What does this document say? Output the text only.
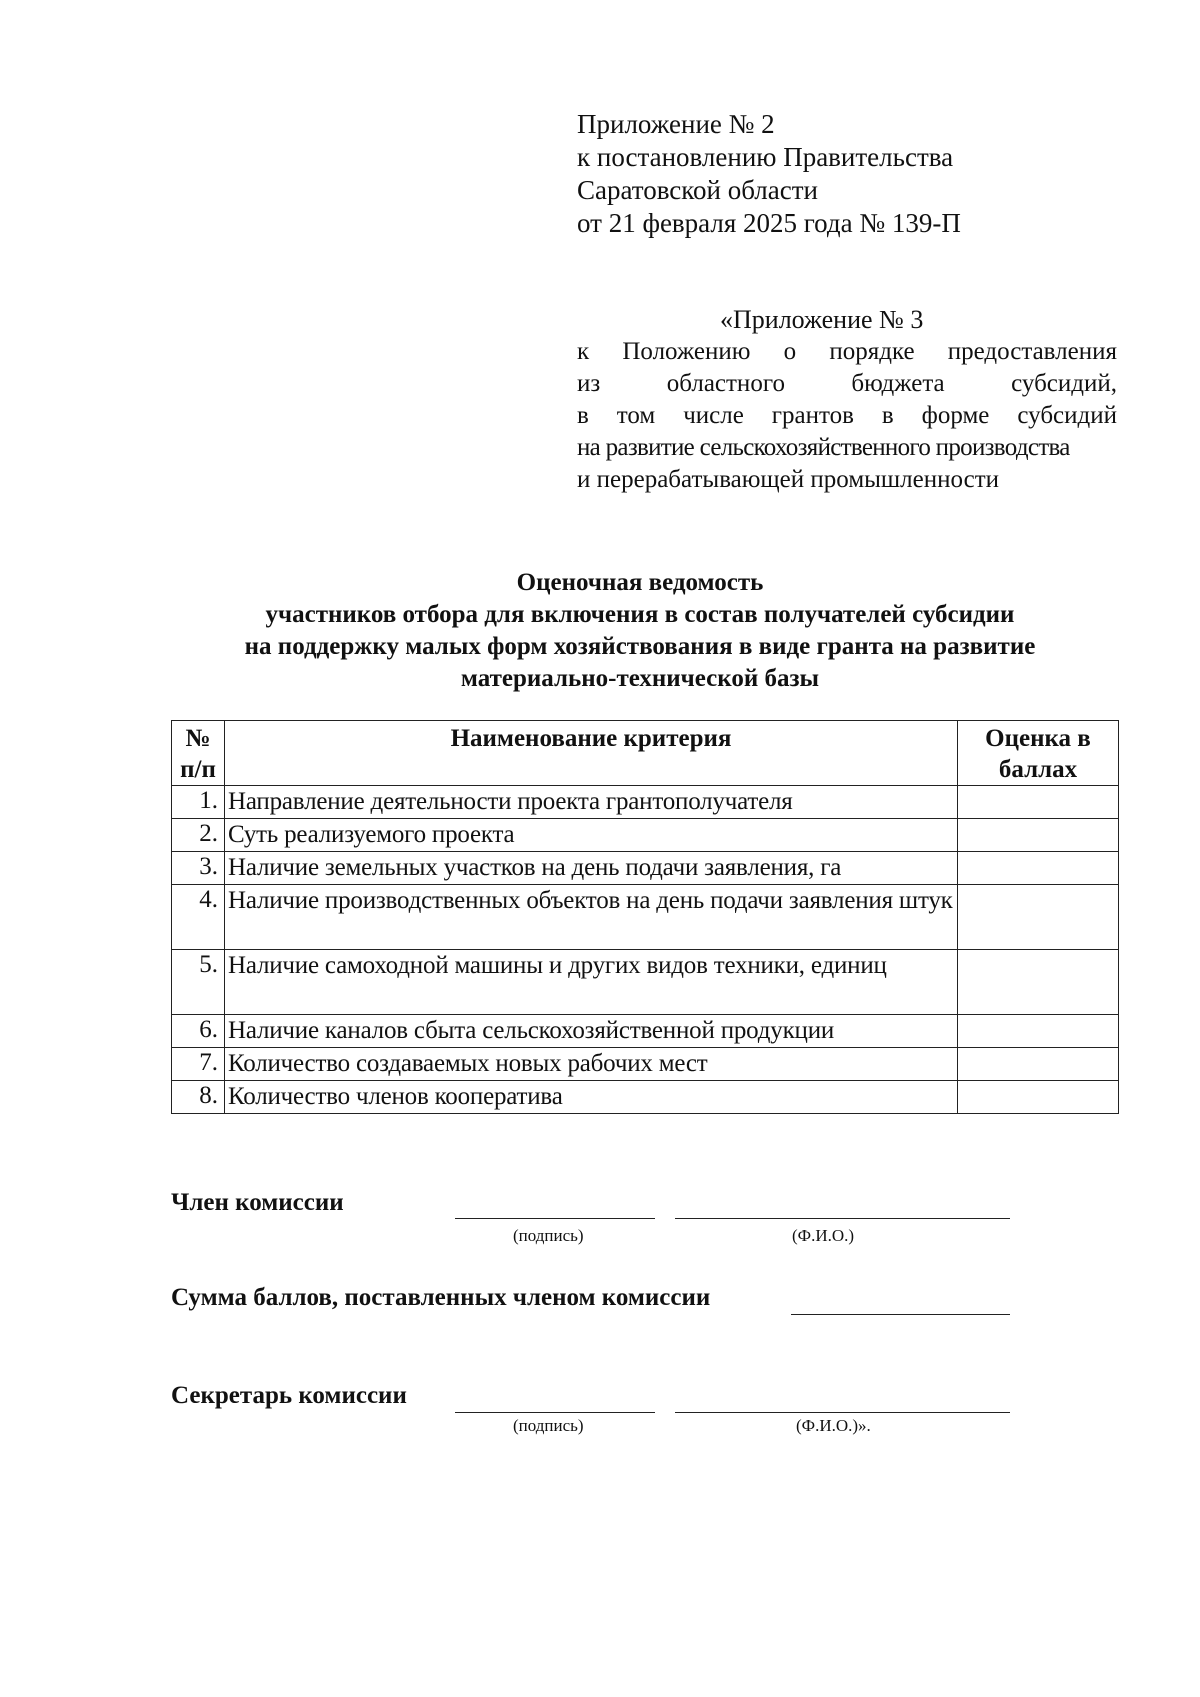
Приложение № 2
к постановлению Правительства
Саратовской области
от 21 февраля 2025 года № 139-П
«Приложение № 3
к Положению о порядке предоставления
из областного бюджета субсидий,
в том числе грантов в форме субсидий
на развитие сельскохозяйственного производства
и перерабатывающей промышленности
Оценочная ведомость
участников отбора для включения в состав получателей субсидии
на поддержку малых форм хозяйствования в виде гранта на развитие
материально-технической базы
№ п/п	Наименование критерия	Оценка в баллах
1.	Направление деятельности проекта грантополучателя	
2.	Суть реализуемого проекта	
3.	Наличие земельных участков на день подачи заявления, га	
4.	Наличие производственных объектов на день подачи заявления штук	
5.	Наличие самоходной машины и других видов техники, единиц	
6.	Наличие каналов сбыта сельскохозяйственной продукции	
7.	Количество создаваемых новых рабочих мест	
8.	Количество членов кооператива	
Член комиссии
(подпись)	(Ф.И.О.)
Сумма баллов, поставленных членом комиссии
Секретарь комиссии
(подпись)	(Ф.И.О.)».
